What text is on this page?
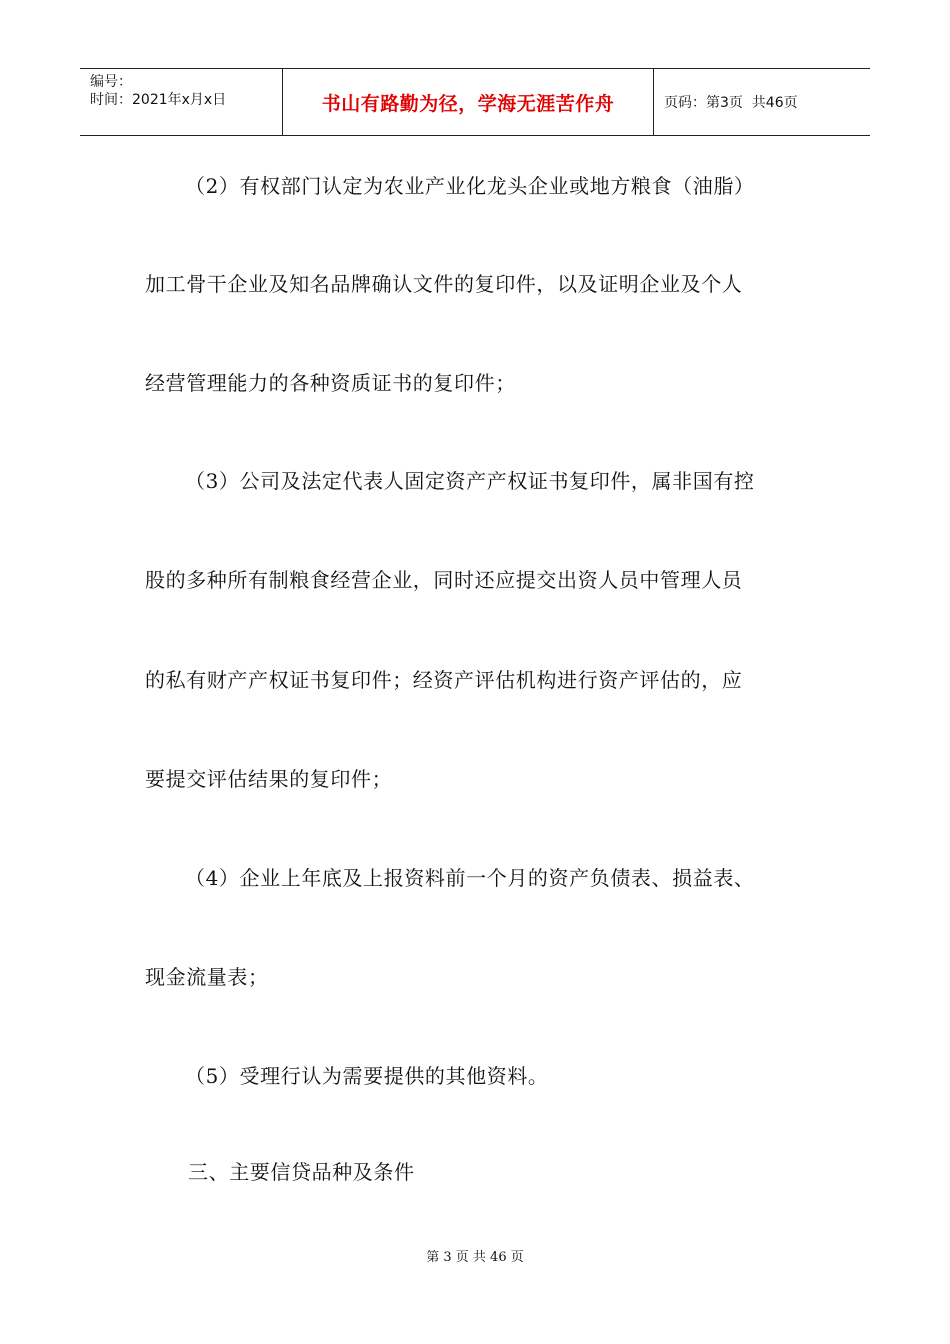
编号：
时间：2021年x月x日	书山有路勤为径，学海无涯苦作舟	页码：第3页  共46页
（2）有权部门认定为农业产业化龙头企业或地方粮食（油脂）
加工骨干企业及知名品牌确认文件的复印件，以及证明企业及个人
经营管理能力的各种资质证书的复印件；
（3）公司及法定代表人固定资产产权证书复印件，属非国有控
股的多种所有制粮食经营企业，同时还应提交出资人员中管理人员
的私有财产产权证书复印件；经资产评估机构进行资产评估的，应
要提交评估结果的复印件；
（4）企业上年底及上报资料前一个月的资产负债表、损益表、
现金流量表；
（5）受理行认为需要提供的其他资料。
三、主要信贷品种及条件
第 3 页 共 46 页
